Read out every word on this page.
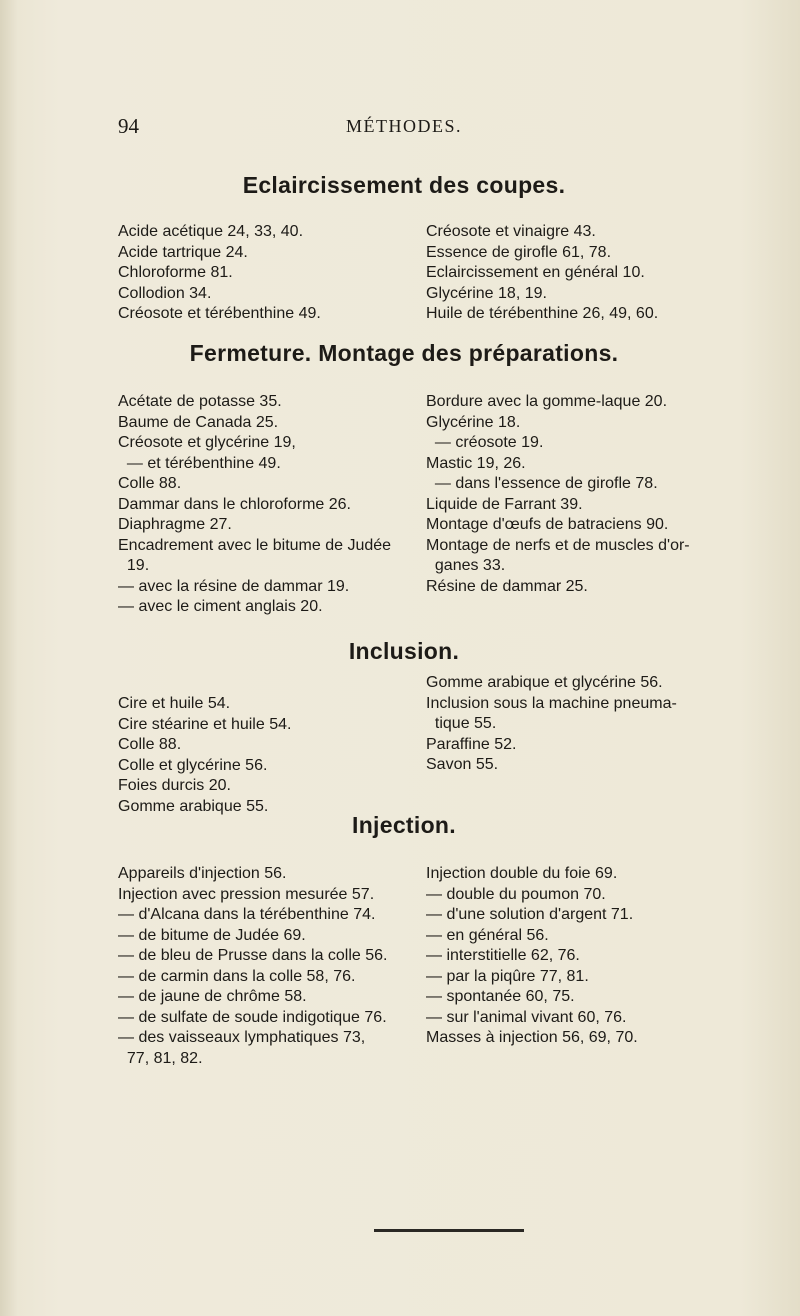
94	MÉTHODES.
Eclaircissement des coupes.
Acide acétique 24, 33, 40.
Acide tartrique 24.
Chloroforme 81.
Collodion 34.
Créosote et térébenthine 49.
Créosote et vinaigre 43.
Essence de girofle 61, 78.
Eclaircissement en général 10.
Glycérine 18, 19.
Huile de térébenthine 26, 49, 60.
Fermeture. Montage des préparations.
Acétate de potasse 35.
Baume de Canada 25.
Créosote et glycérine 19,
— et térébenthine 49.
Colle 88.
Dammar dans le chloroforme 26.
Diaphragme 27.
Encadrement avec le bitume de Judée
19.
— avec la résine de dammar 19.
— avec le ciment anglais 20.
Bordure avec la gomme-laque 20.
Glycérine 18.
— créosote 19.
Mastic 19, 26.
— dans l'essence de girofle 78.
Liquide de Farrant 39.
Montage d'œufs de batraciens 90.
Montage de nerfs et de muscles d'or-
ganes 33.
Résine de dammar 25.
Inclusion.
Cire et huile 54.
Cire stéarine et huile 54.
Colle 88.
Colle et glycérine 56.
Foies durcis 20.
Gomme arabique 55.
Gomme arabique et glycérine 56.
Inclusion sous la machine pneuma-
tique 55.
Paraffine 52.
Savon 55.
Injection.
Appareils d'injection 56.
Injection avec pression mesurée 57.
— d'Alcana dans la térébenthine 74.
— de bitume de Judée 69.
— de bleu de Prusse dans la colle 56.
— de carmin dans la colle 58, 76.
— de jaune de chrôme 58.
— de sulfate de soude indigotique 76.
— des vaisseaux lymphatiques 73,
77, 81, 82.
Injection double du foie 69.
— double du poumon 70.
— d'une solution d'argent 71.
— en général 56.
— interstitielle 62, 76.
— par la piqûre 77, 81.
— spontanée 60, 75.
— sur l'animal vivant 60, 76.
Masses à injection 56, 69, 70.
